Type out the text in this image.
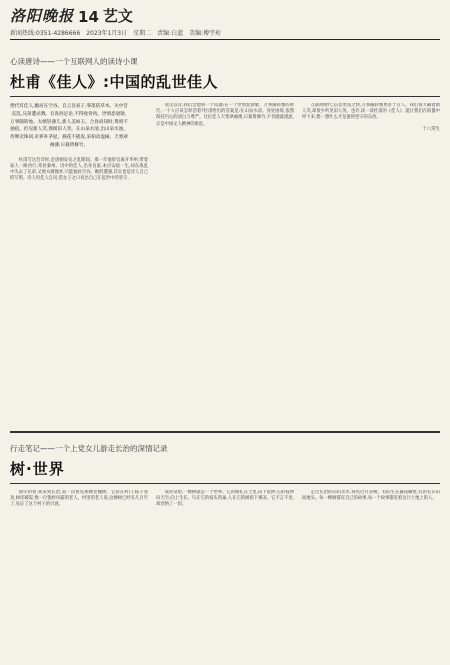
洛阳晚报 14 艺文
新闻热线:0351-4286666 2023年1月3日 星期二 责编:白蓝 美编:傅宇珩
心读唐诗——一个互联网人的读诗小课
杜甫《佳人》:中国的乱世佳人

绝代有佳人,幽居在空谷。自云良家子,零落依草木。关中昔丧乱,兄弟遭杀戮。官高何足论,不得收骨肉。世情恶衰歇,万事随转烛。夫婿轻薄儿,新人美如玉。合昏尚知时,鸳鸯不独宿。但见新人笑,那闻旧人哭。在山泉水清,出山泉水浊。侍婢卖珠回,牵萝补茅屋。摘花不插发,采柏动盈掬。天寒翠袖薄,日暮倚修竹。

杜甫写这首诗时,是唐朝安史之乱期间。那一年他辞官离开华州,带着家人一路西行,寄居秦州。诗中的佳人,出身良家,本应安稳一生,却在战乱中失去了兄弟,又被夫婿抛弃,只能独居空谷。她的遭遇,其实也是诗人自己的写照。诗人用佳人自况,借女子之口说出自己在乱世中的坚守。

读这首诗,我们会想到一个问题:在一个世情恶衰歇、万事随转烛的时代,一个人应该怎样活着?杜甫给出的答案是:在山泉水清。身处困境,依然保持内心的清白与尊严。这位佳人天寒翠袖薄,日暮倚修竹,不肯随波逐流,正是中国文人精神的象征。

互联网时代,信息更迭之快,万事随转烛更甚于古人。我们每天刷着新人笑,却很少听见旧人哭。也许,读一读杜甫的《佳人》,能让我们在喧嚣中停下来,想一想什么才是值得坚守的东西。

十八常生
行走笔记——一个上党女儿游走长治的深情记录
树·世界

那年初春,我来到长治,第一次看见那棵老槐树。它站在村口,枝干苍劲,树皮皲裂,像一位饱经风霜的老人。村里的老人说,这棵树已经有几百年了,见证了这个村子的兴衰。

我常常想,一棵树就是一个世界。它的根扎在土里,向下延伸;它的枝伸向天空,向上生长。鸟在它的枝头筑巢,人在它的树荫下乘凉。它不言不语,却容纳了一切。

走过长治的山山水水,我见过许多树。有的生在悬崖峭壁,有的长在田间地头。每一棵树都有自己的故事,每一个故事都连着这片土地上的人。
